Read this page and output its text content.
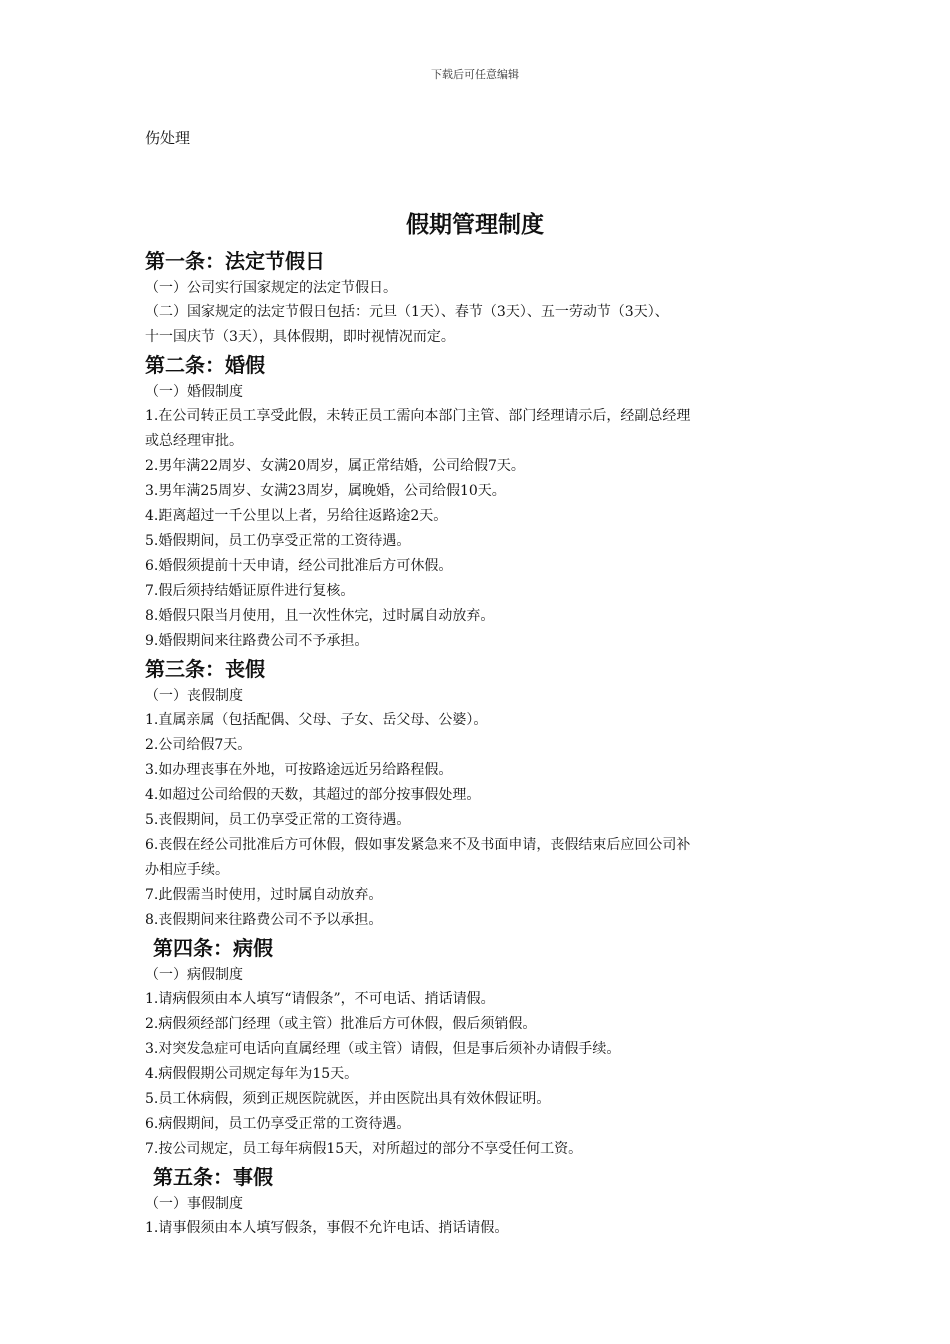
下载后可任意编辑
伤处理
假期管理制度
第一条：法定节假日
（一）公司实行国家规定的法定节假日。
（二）国家规定的法定节假日包括：元旦（1天）、春节（3天）、五一劳动节（3天）、
十一国庆节（3天），具体假期，即时视情况而定。
第二条：婚假
（一）婚假制度
1.在公司转正员工享受此假，未转正员工需向本部门主管、部门经理请示后，经副总经理
或总经理审批。
2.男年满22周岁、女满20周岁，属正常结婚，公司给假7天。
3.男年满25周岁、女满23周岁，属晚婚，公司给假10天。
4.距离超过一千公里以上者，另给往返路途2天。
5.婚假期间，员工仍享受正常的工资待遇。
6.婚假须提前十天申请，经公司批准后方可休假。
7.假后须持结婚证原件进行复核。
8.婚假只限当月使用，且一次性休完，过时属自动放弃。
9.婚假期间来往路费公司不予承担。
第三条：丧假
（一）丧假制度
1.直属亲属（包括配偶、父母、子女、岳父母、公婆）。
2.公司给假7天。
3.如办理丧事在外地，可按路途远近另给路程假。
4.如超过公司给假的天数，其超过的部分按事假处理。
5.丧假期间，员工仍享受正常的工资待遇。
6.丧假在经公司批准后方可休假，假如事发紧急来不及书面申请，丧假结束后应回公司补
办相应手续。
7.此假需当时使用，过时属自动放弃。
8.丧假期间来往路费公司不予以承担。
第四条：病假
（一）病假制度
1.请病假须由本人填写“请假条”，不可电话、捎话请假。
2.病假须经部门经理（或主管）批准后方可休假，假后须销假。
3.对突发急症可电话向直属经理（或主管）请假，但是事后须补办请假手续。
4.病假假期公司规定每年为15天。
5.员工休病假，须到正规医院就医，并由医院出具有效休假证明。
6.病假期间，员工仍享受正常的工资待遇。
7.按公司规定，员工每年病假15天，对所超过的部分不享受任何工资。
第五条：事假
（一）事假制度
1.请事假须由本人填写假条，事假不允许电话、捎话请假。
